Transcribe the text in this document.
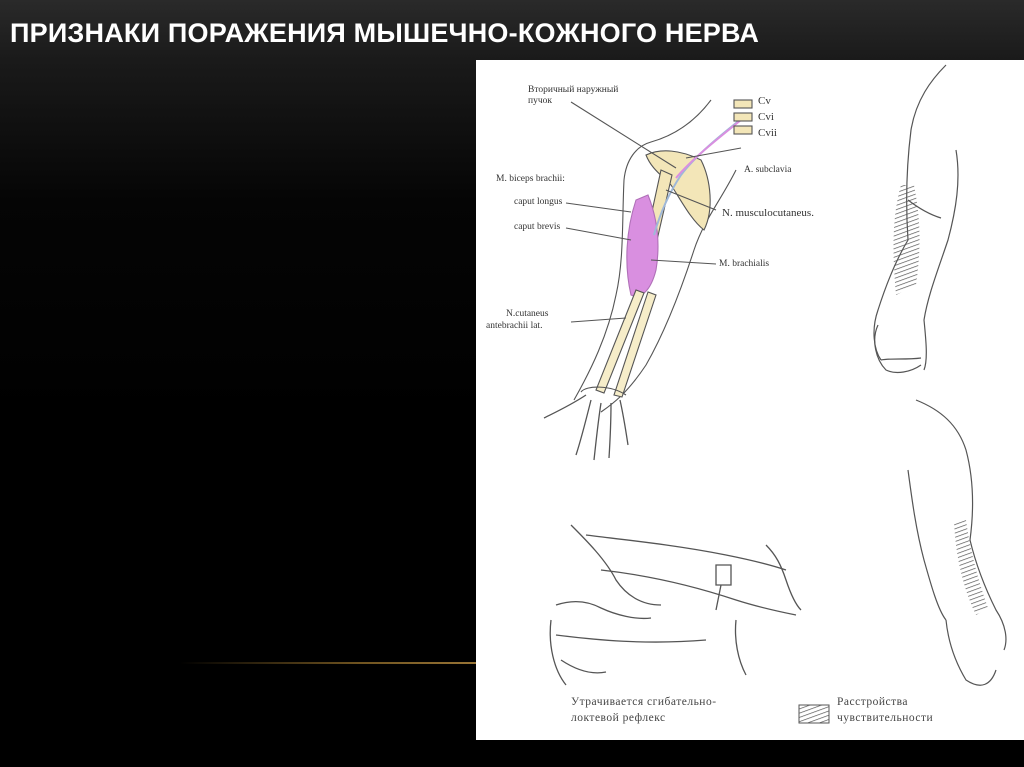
ПРИЗНАКИ ПОРАЖЕНИЯ МЫШЕЧНО-КОЖНОГО НЕРВА
Вторичный наружный
пучок	Cv
Cvi
Cvii
A. subclavia
M. biceps brachii:
caput longus
caput brevis
N. musculocutaneus.
M. brachialis
N.cutaneus
antebrachii lat.
Утрачивается сгибательно-
локтевой рефлекс
Расстройства
чувствительности
